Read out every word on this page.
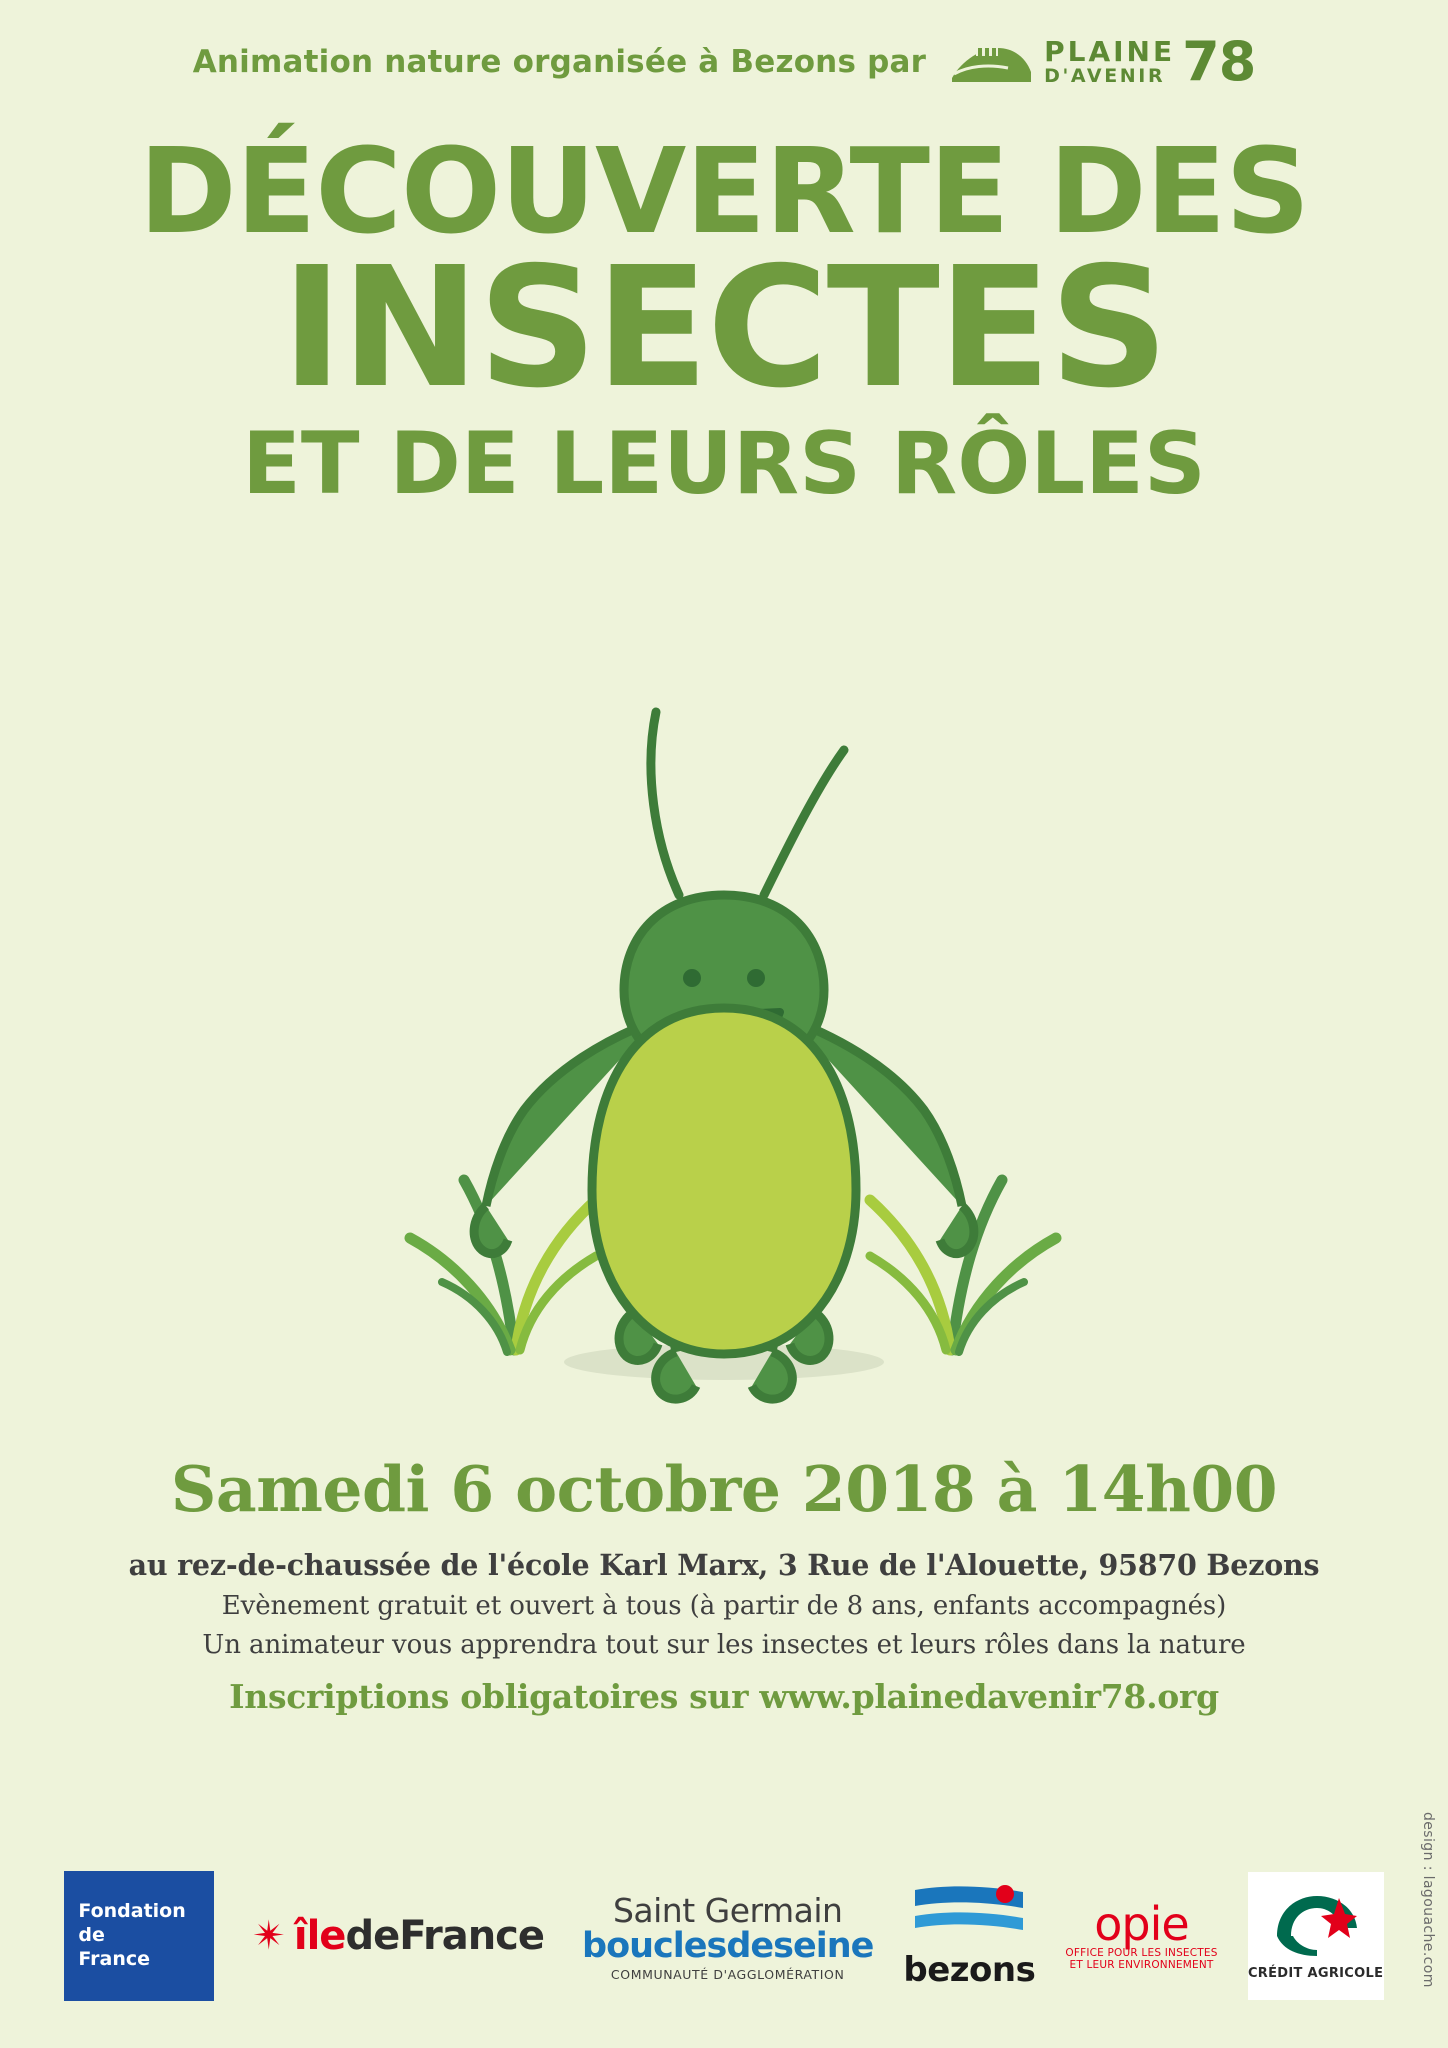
Animation nature organisée à Bezons par	PLAINE
D'AVENIR 78
DÉCOUVERTE DES
INSECTES
ET DE LEURS RÔLES
Samedi 6 octobre 2018 à 14h00
au rez-de-chaussée de l'école Karl Marx, 3 Rue de l'Alouette, 95870 Bezons
Evènement gratuit et ouvert à tous (à partir de 8 ans, enfants accompagnés)
Un animateur vous apprendra tout sur les insectes et leurs rôles dans la nature
Inscriptions obligatoires sur www.plainedavenir78.org
design : lagouache.com
Fondation
de
France	✴ îledeFrance
Saint Germain
bouclesdeseine
COMMUNAUTÉ D'AGGLOMÉRATION	bezons
opie
OFFICE POUR LES INSECTES
ET LEUR ENVIRONNEMENT
CRÉDIT AGRICOLE
